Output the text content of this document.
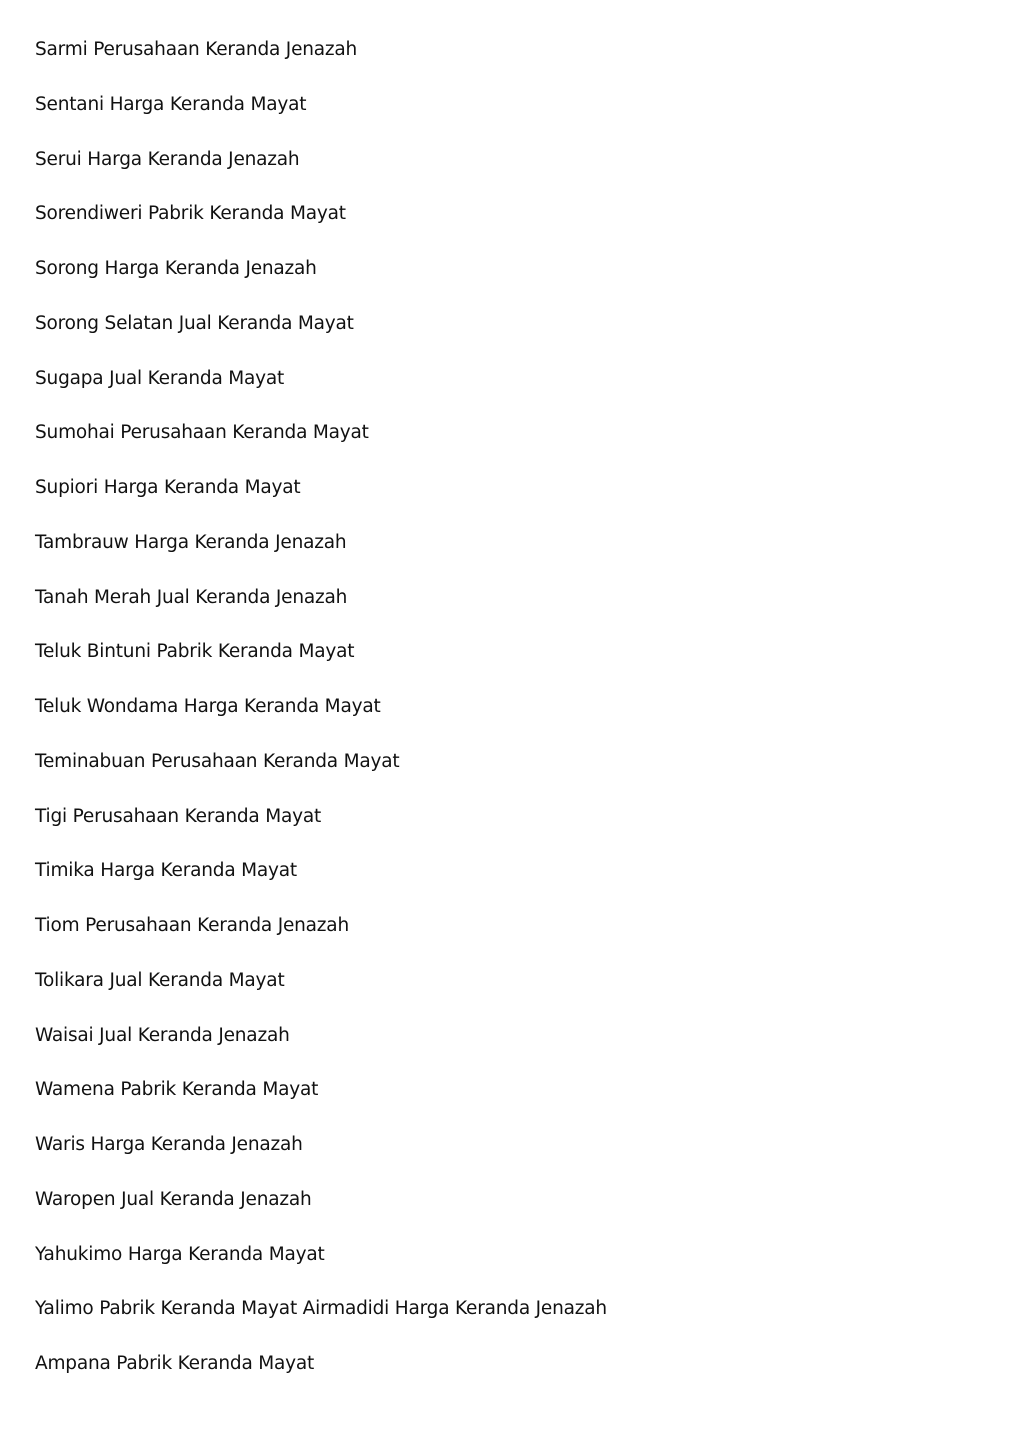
Sarmi Perusahaan Keranda Jenazah
Sentani Harga Keranda Mayat
Serui Harga Keranda Jenazah
Sorendiweri Pabrik Keranda Mayat
Sorong Harga Keranda Jenazah
Sorong Selatan Jual Keranda Mayat
Sugapa Jual Keranda Mayat
Sumohai Perusahaan Keranda Mayat
Supiori Harga Keranda Mayat
Tambrauw Harga Keranda Jenazah
Tanah Merah Jual Keranda Jenazah
Teluk Bintuni Pabrik Keranda Mayat
Teluk Wondama Harga Keranda Mayat
Teminabuan Perusahaan Keranda Mayat
Tigi Perusahaan Keranda Mayat
Timika Harga Keranda Mayat
Tiom Perusahaan Keranda Jenazah
Tolikara Jual Keranda Mayat
Waisai Jual Keranda Jenazah
Wamena Pabrik Keranda Mayat
Waris Harga Keranda Jenazah
Waropen Jual Keranda Jenazah
Yahukimo Harga Keranda Mayat
Yalimo Pabrik Keranda Mayat Airmadidi Harga Keranda Jenazah
Ampana Pabrik Keranda Mayat
